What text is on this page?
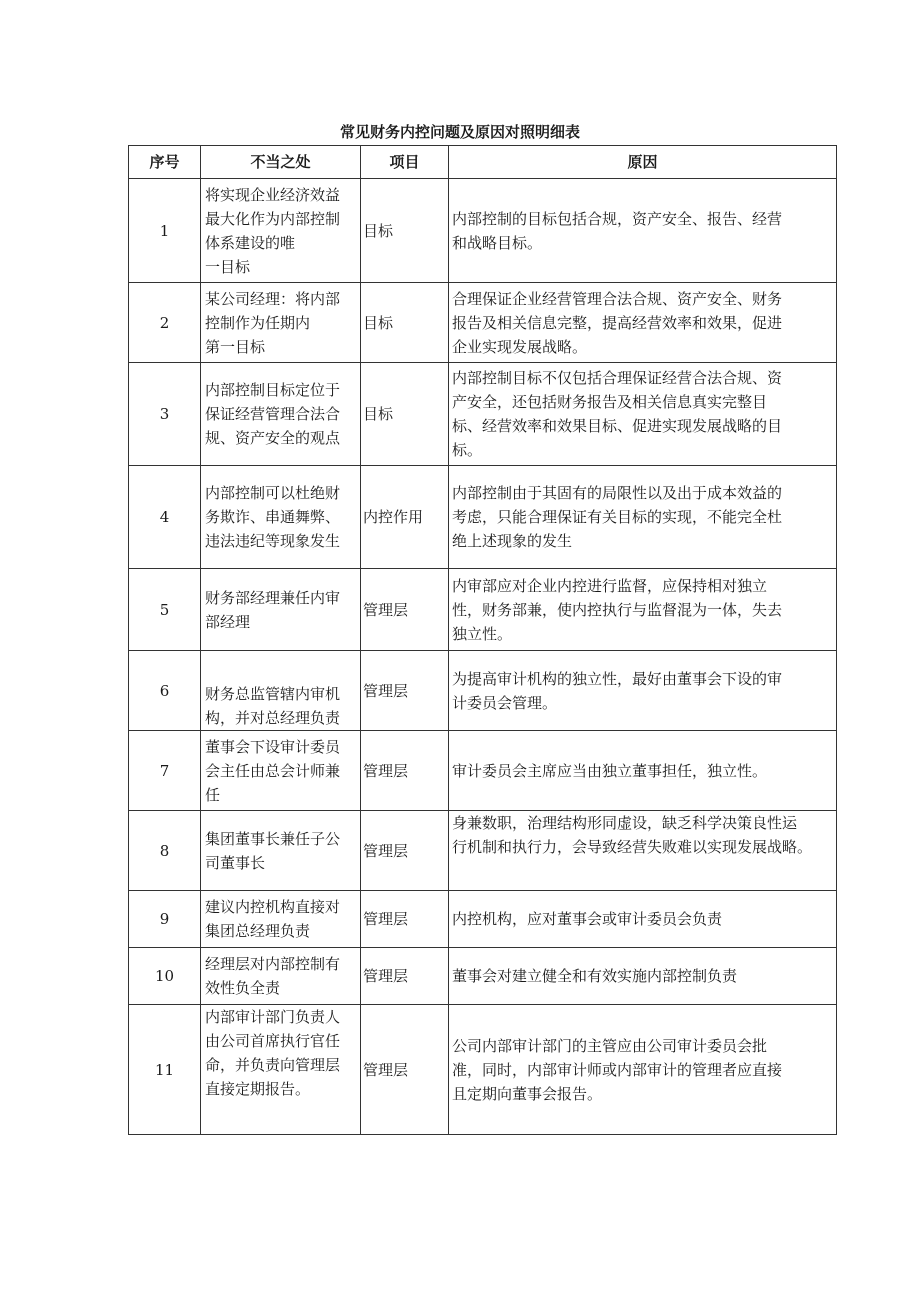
常见财务内控问题及原因对照明细表
序号	不当之处	项目	原因
1	将实现企业经济效益
最大化作为内部控制
体系建设的唯
一目标	目标	内部控制的目标包括合规，资产安全、报告、经营
和战略目标。

2	某公司经理：将内部
控制作为任期内
第一目标	目标	合理保证企业经营管理合法合规、资产安全、财务
报告及相关信息完整，提高经营效率和效果，促进
企业实现发展战略。

3	内部控制目标定位于
保证经营管理合法合
规、资产安全的观点	目标	内部控制目标不仅包括合理保证经营合法合规、资
产安全，还包括财务报告及相关信息真实完整目
标、经营效率和效果目标、促进实现发展战略的目
标。

4	内部控制可以杜绝财
务欺诈、串通舞弊、
违法违纪等现象发生	内控作用	内部控制由于其固有的局限性以及出于成本效益的
考虑，只能合理保证有关目标的实现，不能完全杜
绝上述现象的发生

5	财务部经理兼任内审
部经理	管理层	内审部应对企业内控进行监督，应保持相对独立
性，财务部兼，使内控执行与监督混为一体，失去
独立性。

6	财务总监管辖内审机
构，并对总经理负责	管理层	为提高审计机构的独立性，最好由董事会下设的审
计委员会管理。

7	董事会下设审计委员
会主任由总会计师兼
任	管理层	审计委员会主席应当由独立董事担任，独立性。

8	集团董事长兼任子公
司董事长	管理层	身兼数职，治理结构形同虚设，缺乏科学决策良性运
行机制和执行力，会导致经营失败难以实现发展战略。

9	建议内控机构直接对
集团总经理负责	管理层	内控机构，应对董事会或审计委员会负责

10	经理层对内部控制有
效性负全责	管理层	董事会对建立健全和有效实施内部控制负责

11	内部审计部门负责人
由公司首席执行官任
命，并负责向管理层
直接定期报告。	管理层	公司内部审计部门的主管应由公司审计委员会批
准，同时，内部审计师或内部审计的管理者应直接
且定期向董事会报告。
